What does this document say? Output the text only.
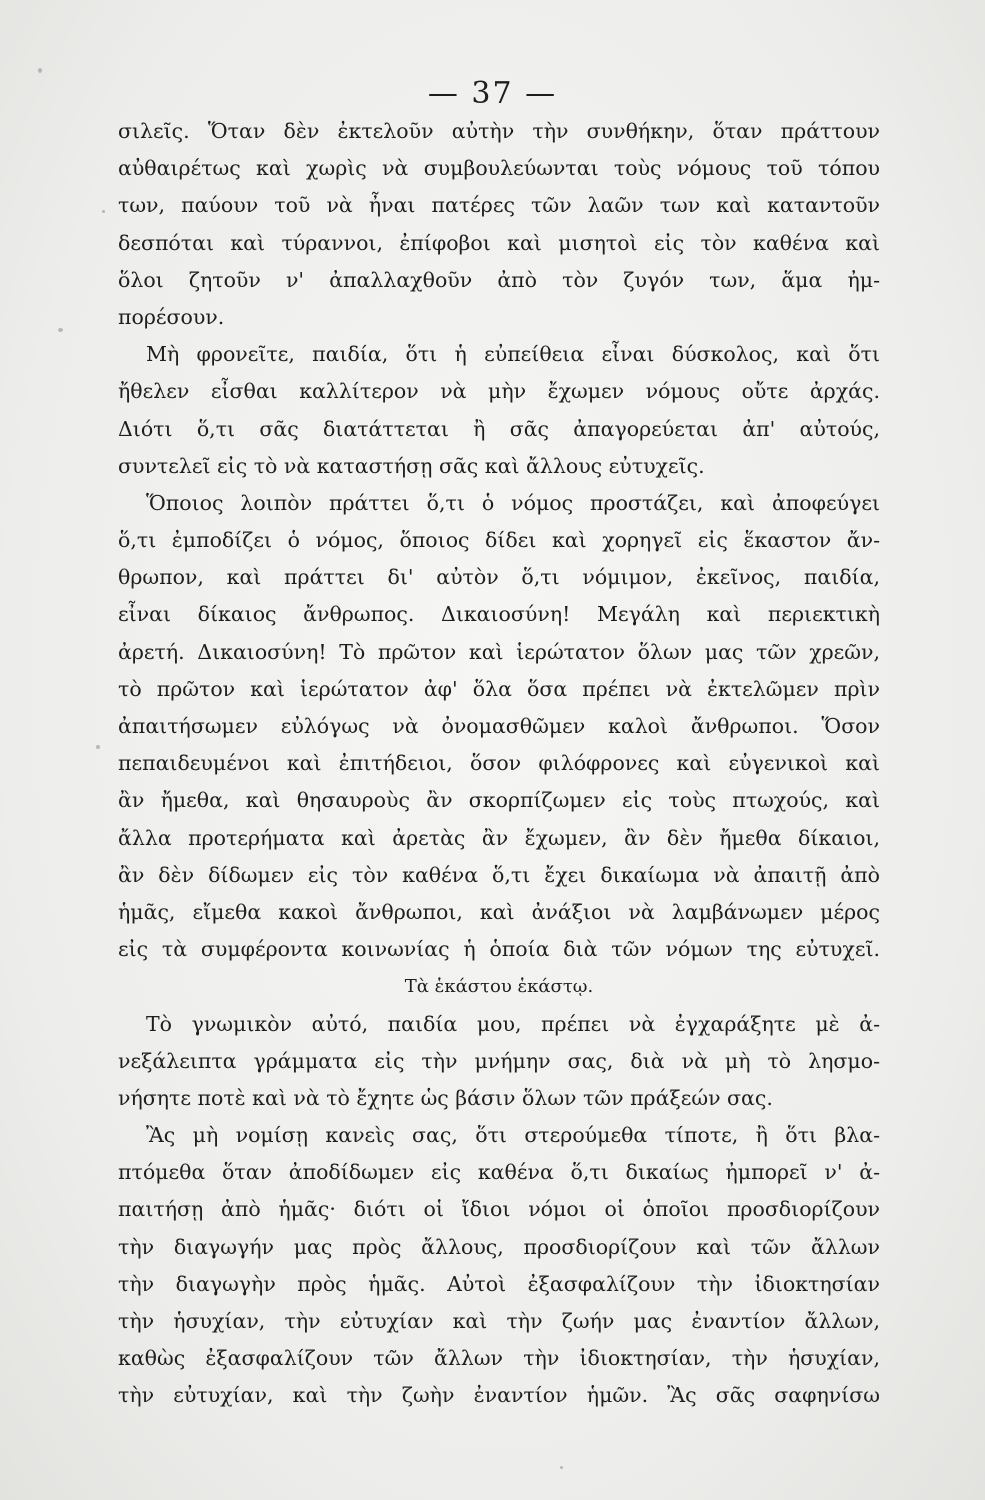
— 37 —
σιλεῖς. Ὅταν δὲν ἐκτελοῦν αὐτὴν τὴν συνθήκην, ὅταν πράττουν
αὐθαιρέτως καὶ χωρὶς νὰ συμβουλεύωνται τοὺς νόμους τοῦ τόπου
των, παύουν τοῦ νὰ ἦναι πατέρες τῶν λαῶν των καὶ καταντοῦν
δεσπόται καὶ τύραννοι, ἐπίφοβοι καὶ μισητοὶ εἰς τὸν καθένα καὶ
ὅλοι ζητοῦν ν' ἀπαλλαχθοῦν ἀπὸ τὸν ζυγόν των, ἅμα ἠμ-
πορέσουν.
Μὴ φρονεῖτε, παιδία, ὅτι ἡ εὐπείθεια εἶναι δύσκολος, καὶ ὅτι
ἤθελεν εἶσθαι καλλίτερον νὰ μὴν ἔχωμεν νόμους οὔτε ἀρχάς.
Διότι ὅ,τι σᾶς διατάττεται ἢ σᾶς ἀπαγορεύεται ἀπ' αὐτούς,
συντελεῖ εἰς τὸ νὰ καταστήσῃ σᾶς καὶ ἄλλους εὐτυχεῖς.
Ὅποιος λοιπὸν πράττει ὅ,τι ὁ νόμος προστάζει, καὶ ἀποφεύγει
ὅ,τι ἐμποδίζει ὁ νόμος, ὅποιος δίδει καὶ χορηγεῖ εἰς ἕκαστον ἄν-
θρωπον, καὶ πράττει δι' αὐτὸν ὅ,τι νόμιμον, ἐκεῖνος, παιδία,
εἶναι δίκαιος ἄνθρωπος. Δικαιοσύνη! Μεγάλη καὶ περιεκτικὴ
ἀρετή. Δικαιοσύνη! Τὸ πρῶτον καὶ ἱερώτατον ὅλων μας τῶν χρεῶν,
τὸ πρῶτον καὶ ἱερώτατον ἀφ' ὅλα ὅσα πρέπει νὰ ἐκτελῶμεν πρὶν
ἀπαιτήσωμεν εὐλόγως νὰ ὀνομασθῶμεν καλοὶ ἄνθρωποι. Ὅσον
πεπαιδευμένοι καὶ ἐπιτήδειοι, ὅσον φιλόφρονες καὶ εὐγενικοὶ καὶ
ἂν ἤμεθα, καὶ θησαυροὺς ἂν σκορπίζωμεν εἰς τοὺς πτωχούς, καὶ
ἄλλα προτερήματα καὶ ἀρετὰς ἂν ἔχωμεν, ἂν δὲν ἤμεθα δίκαιοι,
ἂν δὲν δίδωμεν εἰς τὸν καθένα ὅ,τι ἔχει δικαίωμα νὰ ἀπαιτῇ ἀπὸ
ἡμᾶς, εἴμεθα κακοὶ ἄνθρωποι, καὶ ἀνάξιοι νὰ λαμβάνωμεν μέρος
εἰς τὰ συμφέροντα κοινωνίας ἡ ὁποία διὰ τῶν νόμων της εὐτυχεῖ.
Τὰ ἑκάστου ἑκάστῳ.
Τὸ γνωμικὸν αὐτό, παιδία μου, πρέπει νὰ ἐγχαράξητε μὲ ἀ-
νεξάλειπτα γράμματα εἰς τὴν μνήμην σας, διὰ νὰ μὴ τὸ λησμο-
νήσητε ποτὲ καὶ νὰ τὸ ἔχητε ὡς βάσιν ὅλων τῶν πράξεών σας.
Ἂς μὴ νομίσῃ κανεὶς σας, ὅτι στερούμεθα τίποτε, ἢ ὅτι βλα-
πτόμεθα ὅταν ἀποδίδωμεν εἰς καθένα ὅ,τι δικαίως ἠμπορεῖ ν' ἀ-
παιτήσῃ ἀπὸ ἡμᾶς· διότι οἱ ἴδιοι νόμοι οἱ ὁποῖοι προσδιορίζουν
τὴν διαγωγήν μας πρὸς ἄλλους, προσδιορίζουν καὶ τῶν ἄλλων
τὴν διαγωγὴν πρὸς ἡμᾶς. Αὐτοὶ ἐξασφαλίζουν τὴν ἰδιοκτησίαν
τὴν ἡσυχίαν, τὴν εὐτυχίαν καὶ τὴν ζωήν μας ἐναντίον ἄλλων,
καθὼς ἐξασφαλίζουν τῶν ἄλλων τὴν ἰδιοκτησίαν, τὴν ἡσυχίαν,
τὴν εὐτυχίαν, καὶ τὴν ζωὴν ἐναντίον ἡμῶν. Ἂς σᾶς σαφηνίσω
